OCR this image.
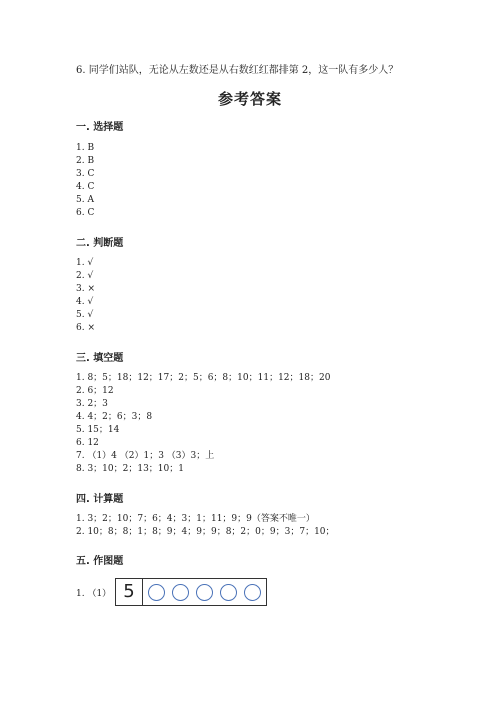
6. 同学们站队，无论从左数还是从右数红红都排第 2，这一队有多少人？
参考答案
一. 选择题
1. B
2. B
3. C
4. C
5. A
6. C
二. 判断题
1. √
2. √
3. ×
4. √
5. √
6. ×
三. 填空题
1. 8；5；18；12；17；2；5；6；8；10；11；12；18；20
2. 6；12
3. 2；3
4. 4；2；6；3；8
5. 15；14
6. 12
7. （1）4 （2）1；3 （3）3；上
8. 3；10；2；13；10；1
四. 计算题
1. 3；2；10；7；6；4；3；1；11；9；9（答案不唯一）
2. 10；8；8；1；8；9；4；9；9；8；2；0；9；3；7；10；
五. 作图题
1. （1） 5
